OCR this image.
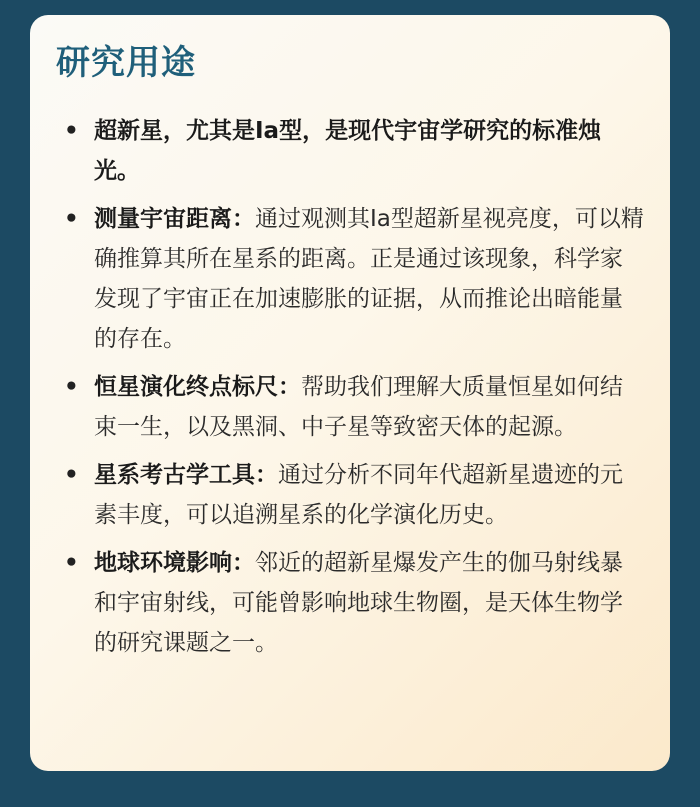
研究用途
• 超新星，尤其是Ia型，是现代宇宙学研究的标准烛光。
• 测量宇宙距离：通过观测其Ia型超新星视亮度，可以精确推算其所在星系的距离。正是通过该现象，科学家发现了宇宙正在加速膨胀的证据，从而推论出暗能量的存在。
• 恒星演化终点标尺：帮助我们理解大质量恒星如何结束一生，以及黑洞、中子星等致密天体的起源。
• 星系考古学工具：通过分析不同年代超新星遗迹的元素丰度，可以追溯星系的化学演化历史。
• 地球环境影响：邻近的超新星爆发产生的伽马射线暴和宇宙射线，可能曾影响地球生物圈，是天体生物学的研究课题之一。
